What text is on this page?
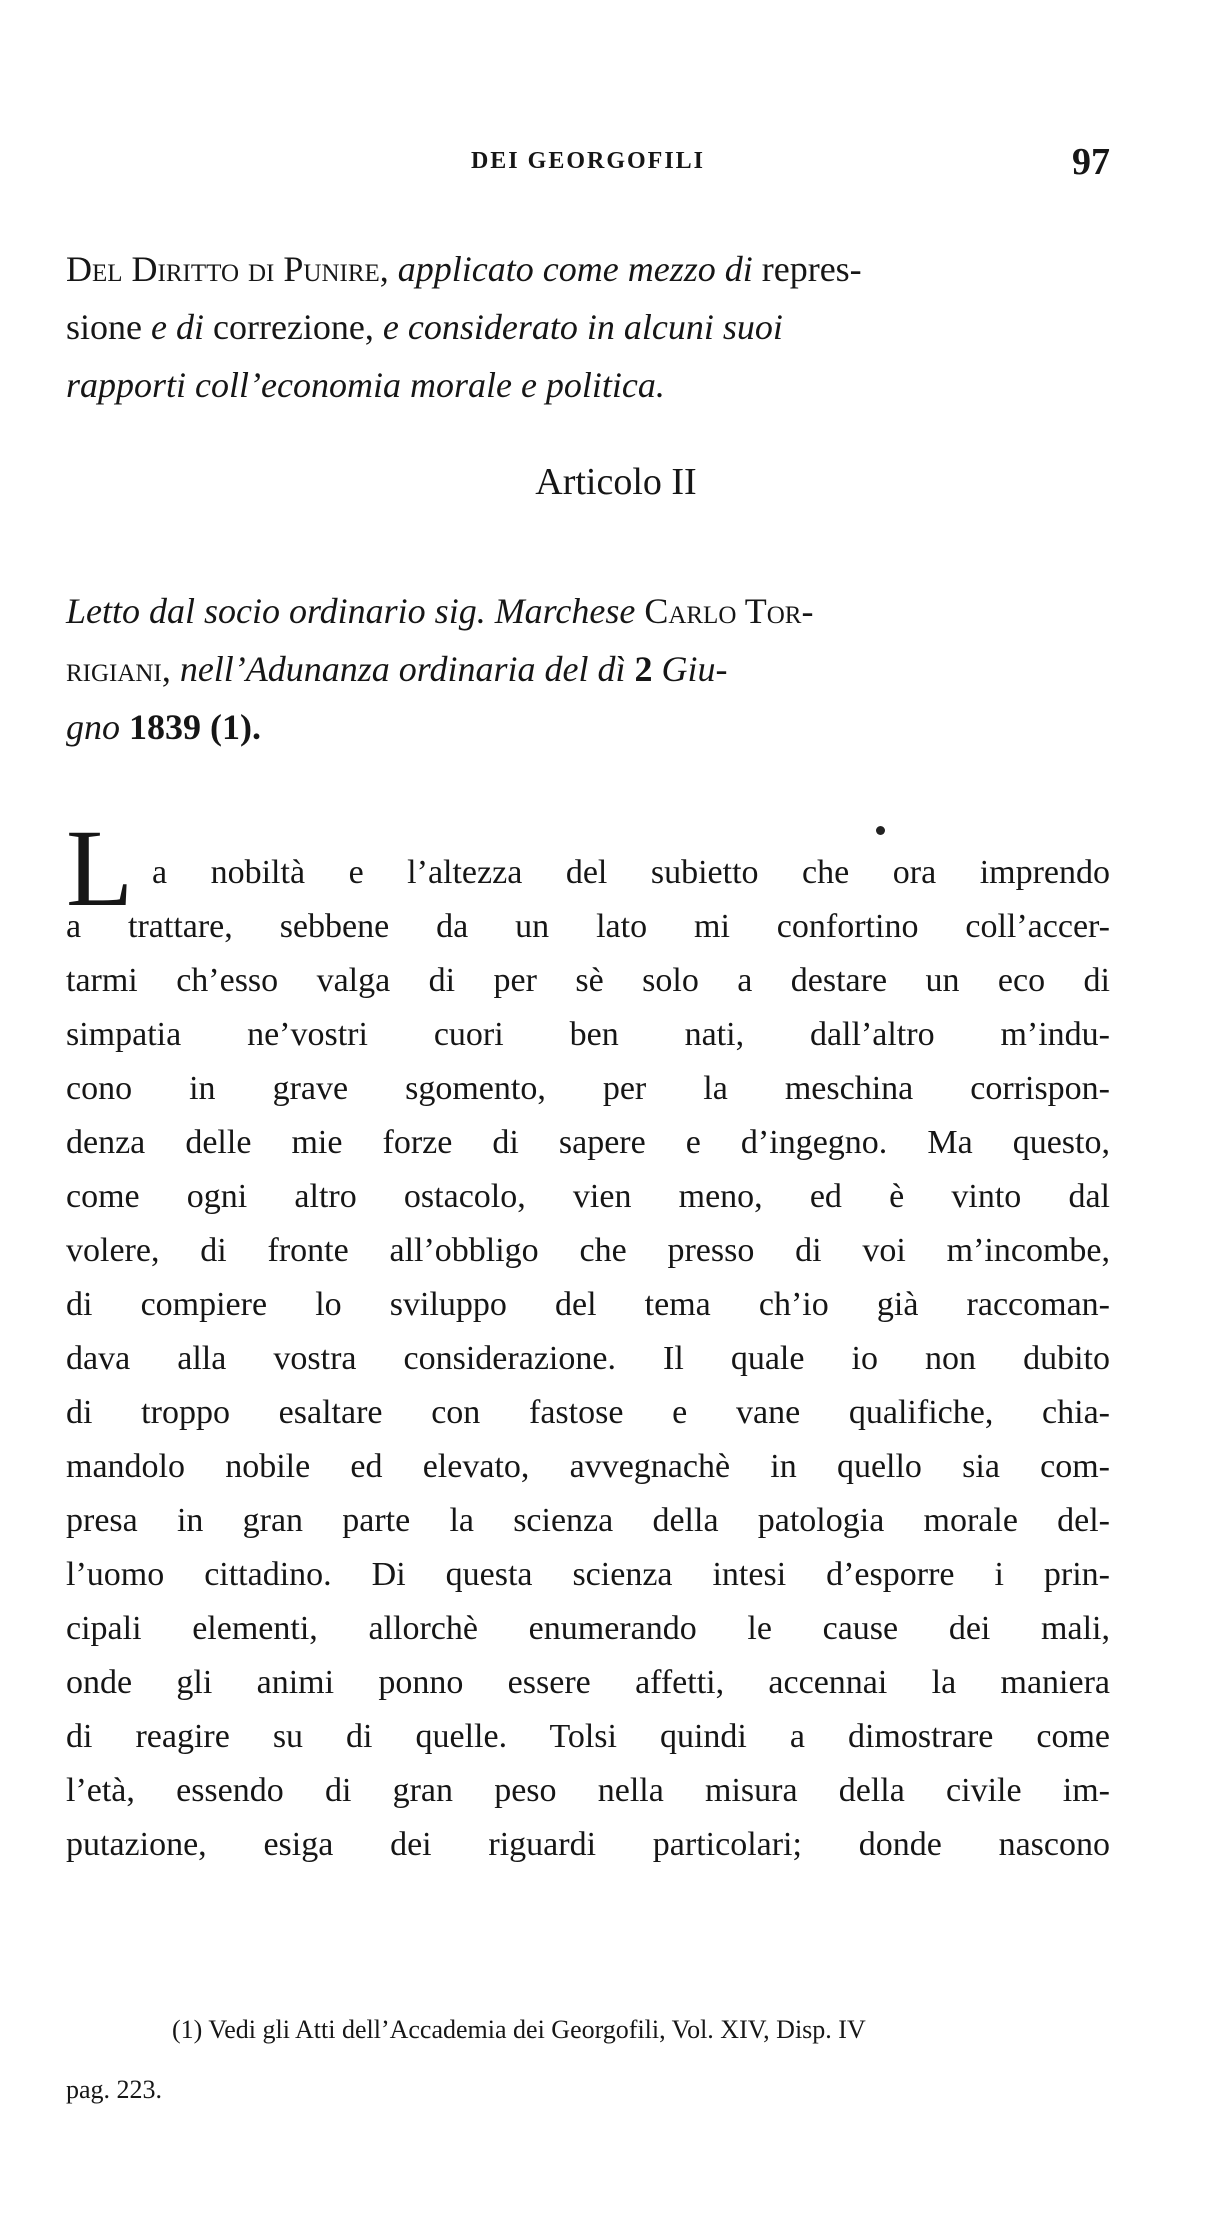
DEI GEORGOFILI	97
Del Diritto di Punire, applicato come mezzo di repres-
sione e di correzione, e considerato in alcuni suoi
rapporti coll’economia morale e politica.
Articolo II
Letto dal socio ordinario sig. Marchese Carlo Tor-
rigiani, nell’Adunanza ordinaria del dì 2 Giu-
gno 1839 (1).
L a nobiltà e l’altezza del subietto che ora imprendo
a trattare, sebbene da un lato mi confortino coll’accer-
tarmi ch’esso valga di per sè solo a destare un eco di
simpatia ne’vostri cuori ben nati, dall’altro m’indu-
cono in grave sgomento, per la meschina corrispon-
denza delle mie forze di sapere e d’ingegno. Ma questo,
come ogni altro ostacolo, vien meno, ed è vinto dal
volere, di fronte all’obbligo che presso di voi m’incombe,
di compiere lo sviluppo del tema ch’io già raccoman-
dava alla vostra considerazione. Il quale io non dubito
di troppo esaltare con fastose e vane qualifiche, chia-
mandolo nobile ed elevato, avvegnachè in quello sia com-
presa in gran parte la scienza della patologia morale del-
l’uomo cittadino. Di questa scienza intesi d’esporre i prin-
cipali elementi, allorchè enumerando le cause dei mali,
onde gli animi ponno essere affetti, accennai la maniera
di reagire su di quelle. Tolsi quindi a dimostrare come
l’età, essendo di gran peso nella misura della civile im-
putazione, esiga dei riguardi particolari; donde nascono
(1) Vedi gli Atti dell’Accademia dei Georgofili, Vol. XIV, Disp. IV
pag. 223.
